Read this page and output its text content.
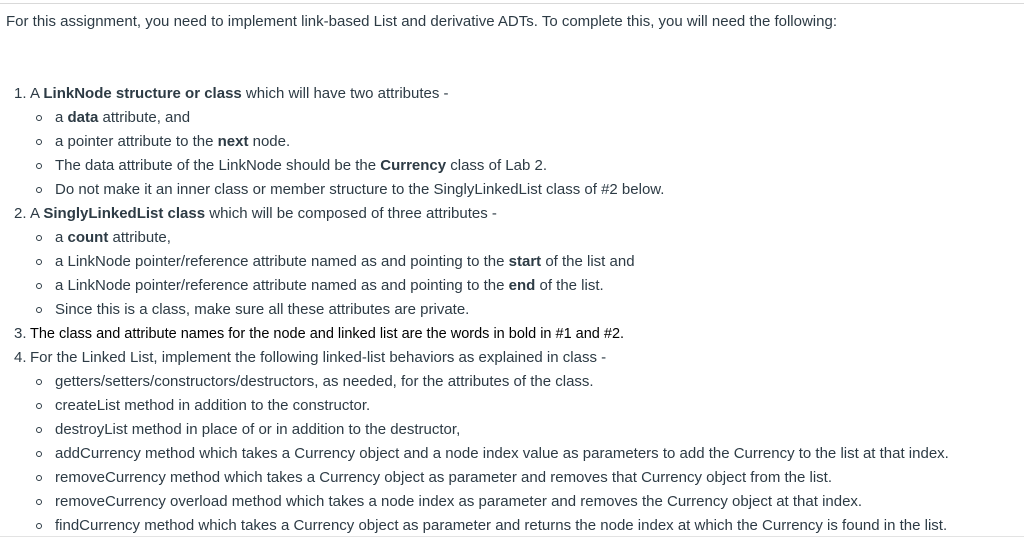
For this assignment, you need to implement link-based List and derivative ADTs. To complete this, you will need the following:
A LinkNode structure or class which will have two attributes -
a data attribute, and
a pointer attribute to the next node.
The data attribute of the LinkNode should be the Currency class of Lab 2.
Do not make it an inner class or member structure to the SinglyLinkedList class of #2 below.
A SinglyLinkedList class which will be composed of three attributes -
a count attribute,
a LinkNode pointer/reference attribute named as and pointing to the start of the list and
a LinkNode pointer/reference attribute named as and pointing to the end of the list.
Since this is a class, make sure all these attributes are private.
The class and attribute names for the node and linked list are the words in bold in #1 and #2.
For the Linked List, implement the following linked-list behaviors as explained in class -
getters/setters/constructors/destructors, as needed, for the attributes of the class.
createList method in addition to the constructor.
destroyList method in place of or in addition to the destructor,
addCurrency method which takes a Currency object and a node index value as parameters to add the Currency to the list at that index.
removeCurrency method which takes a Currency object as parameter and removes that Currency object from the list.
removeCurrency overload method which takes a node index as parameter and removes the Currency object at that index.
findCurrency method which takes a Currency object as parameter and returns the node index at which the Currency is found in the list.
